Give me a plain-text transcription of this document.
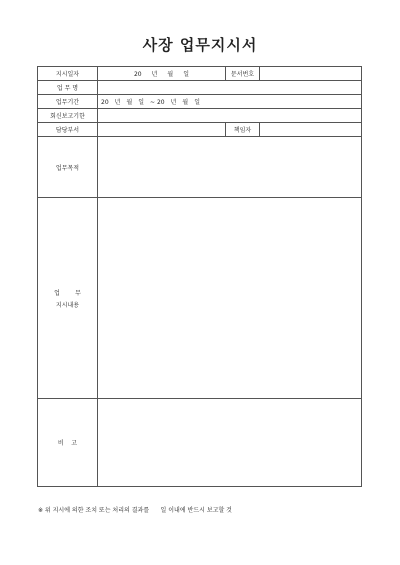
사장 업무지시서
지시일자	20 년 월 일	문서번호	
업 무 명			
업무기간	20 년 월 일 ~ 20 년 월 일		
회신보고기한			
담당부서		책임자	
업무목적			

업        무
지시내용			

비    고			
※ 위 지시에 의한 조치 또는 처리의 결과를      일 이내에 반드시 보고할 것
